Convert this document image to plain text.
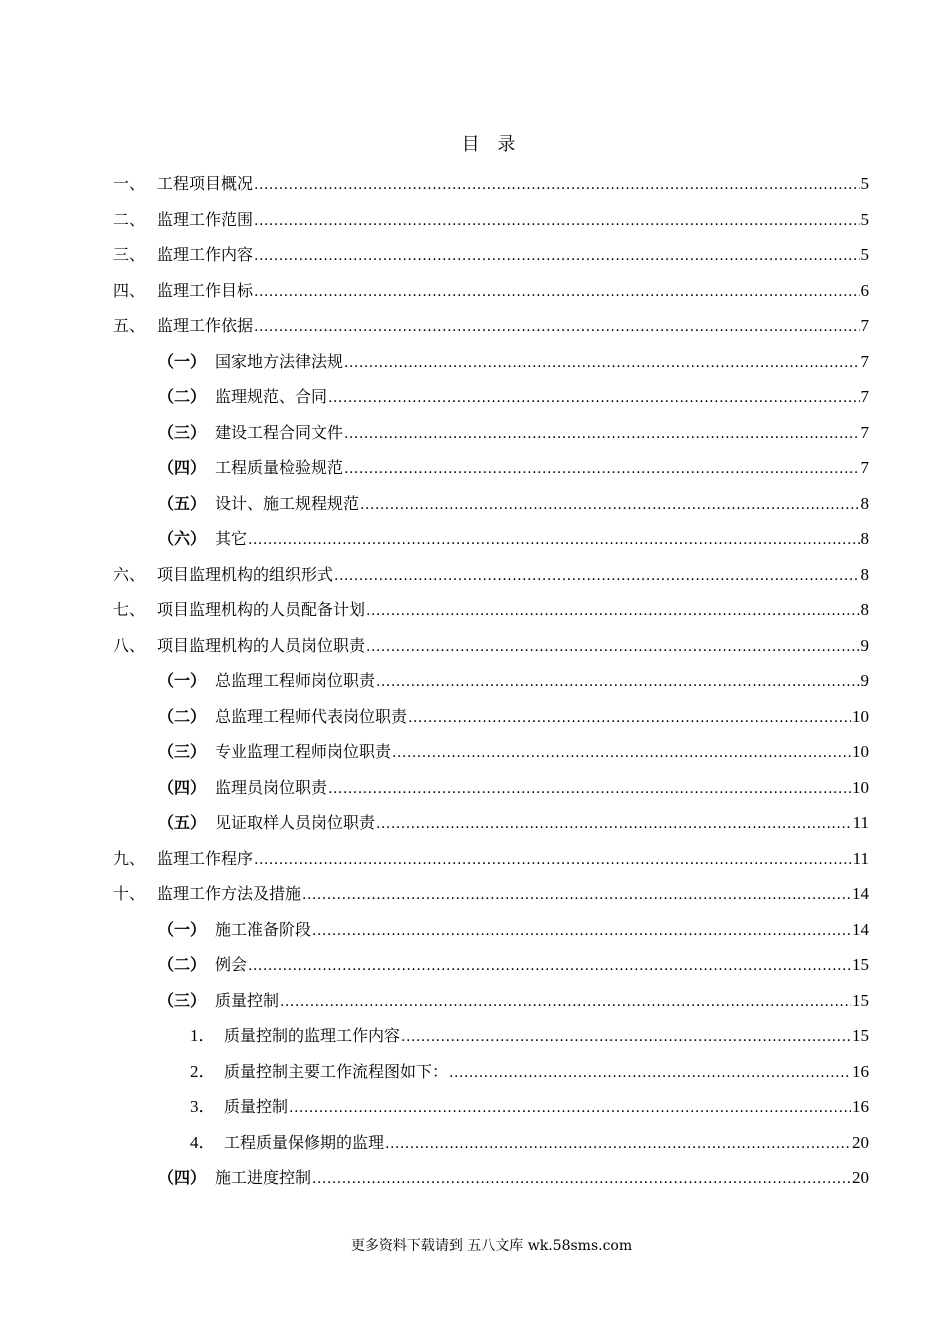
目 录
一、 工程项目概况 .....	5
二、 监理工作范围 .....	5
三、 监理工作内容 .....	5
四、 监理工作目标 .....	6
五、 监理工作依据 .....	7
（一） 国家地方法律法规 .....	7
（二） 监理规范、合同 .....	7
（三） 建设工程合同文件 .....	7
（四） 工程质量检验规范 .....	7
（五） 设计、施工规程规范 .....	8
（六） 其它 .....	8
六、 项目监理机构的组织形式 .....	8
七、 项目监理机构的人员配备计划 .....	8
八、 项目监理机构的人员岗位职责 .....	9
（一） 总监理工程师岗位职责 .....	9
（二） 总监理工程师代表岗位职责 .....	10
（三） 专业监理工程师岗位职责 .....	10
（四） 监理员岗位职责 .....	10
（五） 见证取样人员岗位职责 .....	11
九、 监理工作程序 .....	11
十、 监理工作方法及措施 .....	14
（一） 施工准备阶段 .....	14
（二） 例会 .....	15
（三） 质量控制 .....	15
1． 质量控制的监理工作内容 .....	15
2． 质量控制主要工作流程图如下： .....	16
3． 质量控制 .....	16
4． 工程质量保修期的监理 .....	20
（四） 施工进度控制 .....	20
更多资料下载请到 五八文库 wk.58sms.com
